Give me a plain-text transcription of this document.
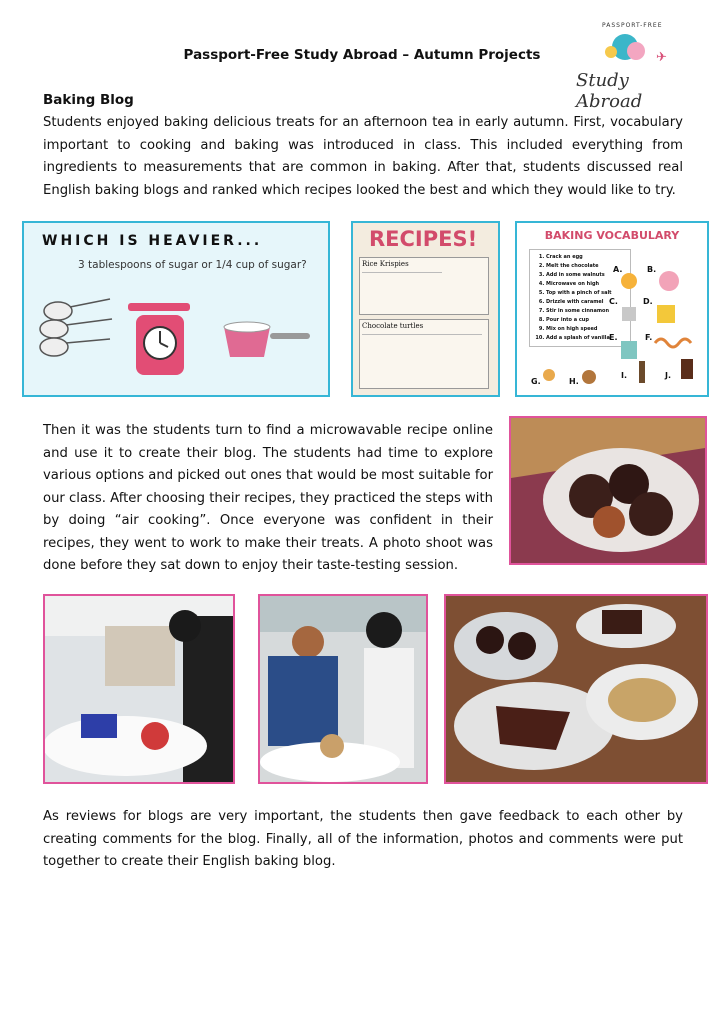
Passport-Free Study Abroad – Autumn Projects
PASSPORT-FREE
✈
Study Abroad
Baking Blog
Students enjoyed baking delicious treats for an afternoon tea in early autumn. First, vocabulary important to cooking and baking was introduced in class. This included everything from ingredients to measurements that are common in baking. After that, students discussed real English baking blogs and ranked which recipes looked the best and which they would like to try.
WHICH IS HEAVIER...
3 tablespoons of sugar or 1/4 cup of sugar?
RECIPES!
Rice Krispies
Chocolate turtles
BAKING VOCABULARY
1. Crack an egg
2. Melt the chocolate
3. Add in some walnuts
4. Microwave on high
5. Top with a pinch of salt
6. Drizzle with caramel
7. Stir in some cinnamon
8. Pour into a cup
9. Mix on high speed
10. Add a splash of vanilla
A.	B.
C.	D.
E.	F.
G.	H.
I.	J.
Then it was the students turn to find a microwavable recipe online and use it to create their blog. The students had time to explore various options and picked out ones that would be most suitable for our class. After choosing their recipes, they practiced the steps with by doing “air cooking”. Once everyone was confident in their recipes, they went to work to make their treats. A photo shoot was done before they sat down to enjoy their taste-testing session.
As reviews for blogs are very important, the students then gave feedback to each other by creating comments for the blog. Finally, all of the information, photos and comments were put together to create their English baking blog.
